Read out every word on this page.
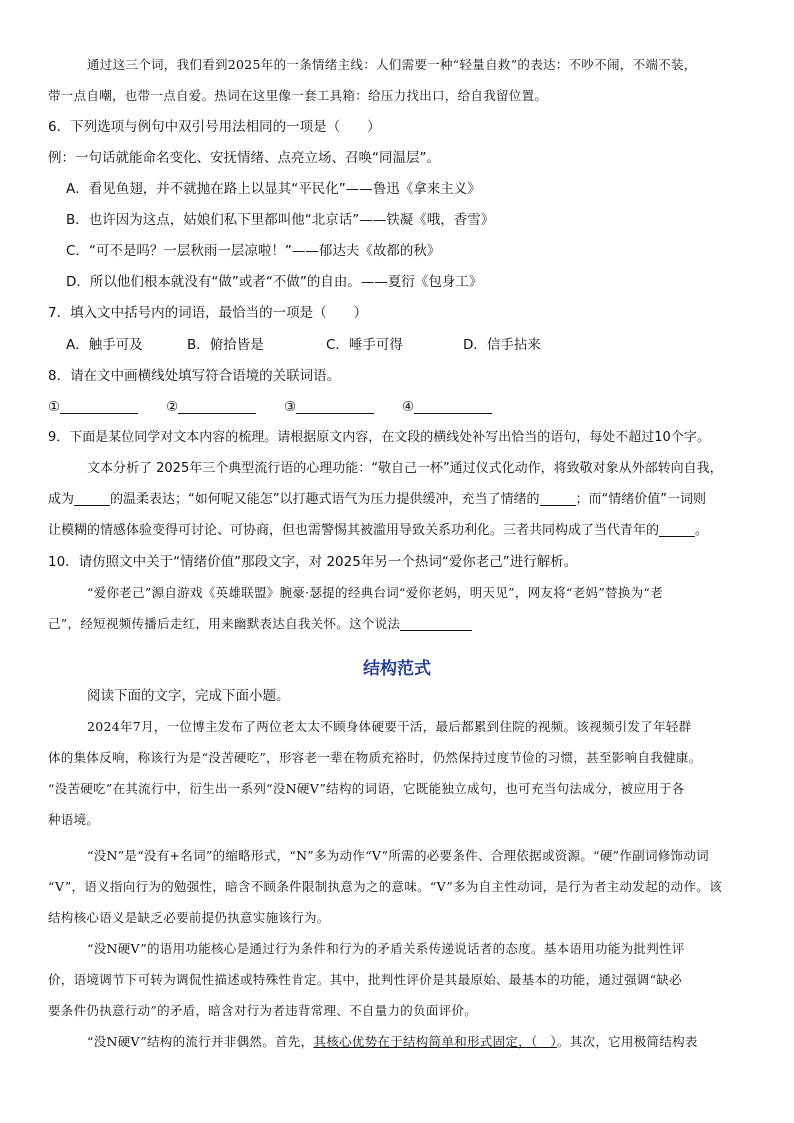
通过这三个词，我们看到2025年的一条情绪主线：人们需要一种“轻量自救”的表达：不吵不闹，不端不装，
带一点自嘲，也带一点自爱。热词在这里像一套工具箱：给压力找出口，给自我留位置。
6．下列选项与例句中双引号用法相同的一项是（　　）
例：一句话就能命名变化、安抚情绪、点亮立场、召唤“同温层”。
A．看见鱼翅，并不就抛在路上以显其“平民化”——鲁迅《拿来主义》
B．也许因为这点，姑娘们私下里都叫他“北京话”——铁凝《哦，香雪》
C．“可不是吗？一层秋雨一层凉啦！”——郁达夫《故都的秋》
D．所以他们根本就没有“做”或者“不做”的自由。——夏衍《包身工》
7．填入文中括号内的词语，最恰当的一项是（　　）
A．触手可及	B．俯拾皆是	C．唾手可得	D．信手拈来
8．请在文中画横线处填写符合语境的关联词语。
①	②	③	④
9．下面是某位同学对文本内容的梳理。请根据原文内容，在文段的横线处补写出恰当的语句，每处不超过10个字。
文本分析了 2025年三个典型流行语的心理功能：“敬自己一杯”通过仪式化动作，将致敬对象从外部转向自我，
成为	的温柔表达；“如何呢又能怎”以打趣式语气为压力提供缓冲，充当了情绪的	；而“情绪价值”一词则
让模糊的情感体验变得可讨论、可协商，但也需警惕其被滥用导致关系功利化。三者共同构成了当代青年的	。
10．请仿照文中关于“情绪价值”那段文字，对 2025年另一个热词“爱你老己”进行解析。
“爱你老己”源自游戏《英雄联盟》腕豪·瑟提的经典台词“爱你老妈，明天见”，网友将“老妈”替换为“老
己”，经短视频传播后走红，用来幽默表达自我关怀。这个说法
结构范式
阅读下面的文字，完成下面小题。
2024年7月，一位博主发布了两位老太太不顾身体硬要干活，最后都累到住院的视频。该视频引发了年轻群
体的集体反响，称该行为是“没苦硬吃”，形容老一辈在物质充裕时，仍然保持过度节俭的习惯，甚至影响自我健康。
“没苦硬吃”在其流行中，衍生出一系列“没N硬V”结构的词语，它既能独立成句，也可充当句法成分，被应用于各
种语境。
“没N”是“没有+名词”的缩略形式，“N”多为动作“V”所需的必要条件、合理依据或资源。“硬”作副词修饰动词
“V”，语义指向行为的勉强性，暗含不顾条件限制执意为之的意味。“V”多为自主性动词，是行为者主动发起的动作。该
结构核心语义是缺乏必要前提仍执意实施该行为。
“没N硬V”的语用功能核心是通过行为条件和行为的矛盾关系传递说话者的态度。基本语用功能为批判性评
价，语境调节下可转为调侃性描述或特殊性肯定。其中，批判性评价是其最原始、最基本的功能，通过强调“缺必
要条件仍执意行动”的矛盾，暗含对行为者违背常理、不自量力的负面评价。
“没N硬V”结构的流行并非偶然。首先，其核心优势在于结构简单和形式固定，（　）。其次，它用极简结构表
